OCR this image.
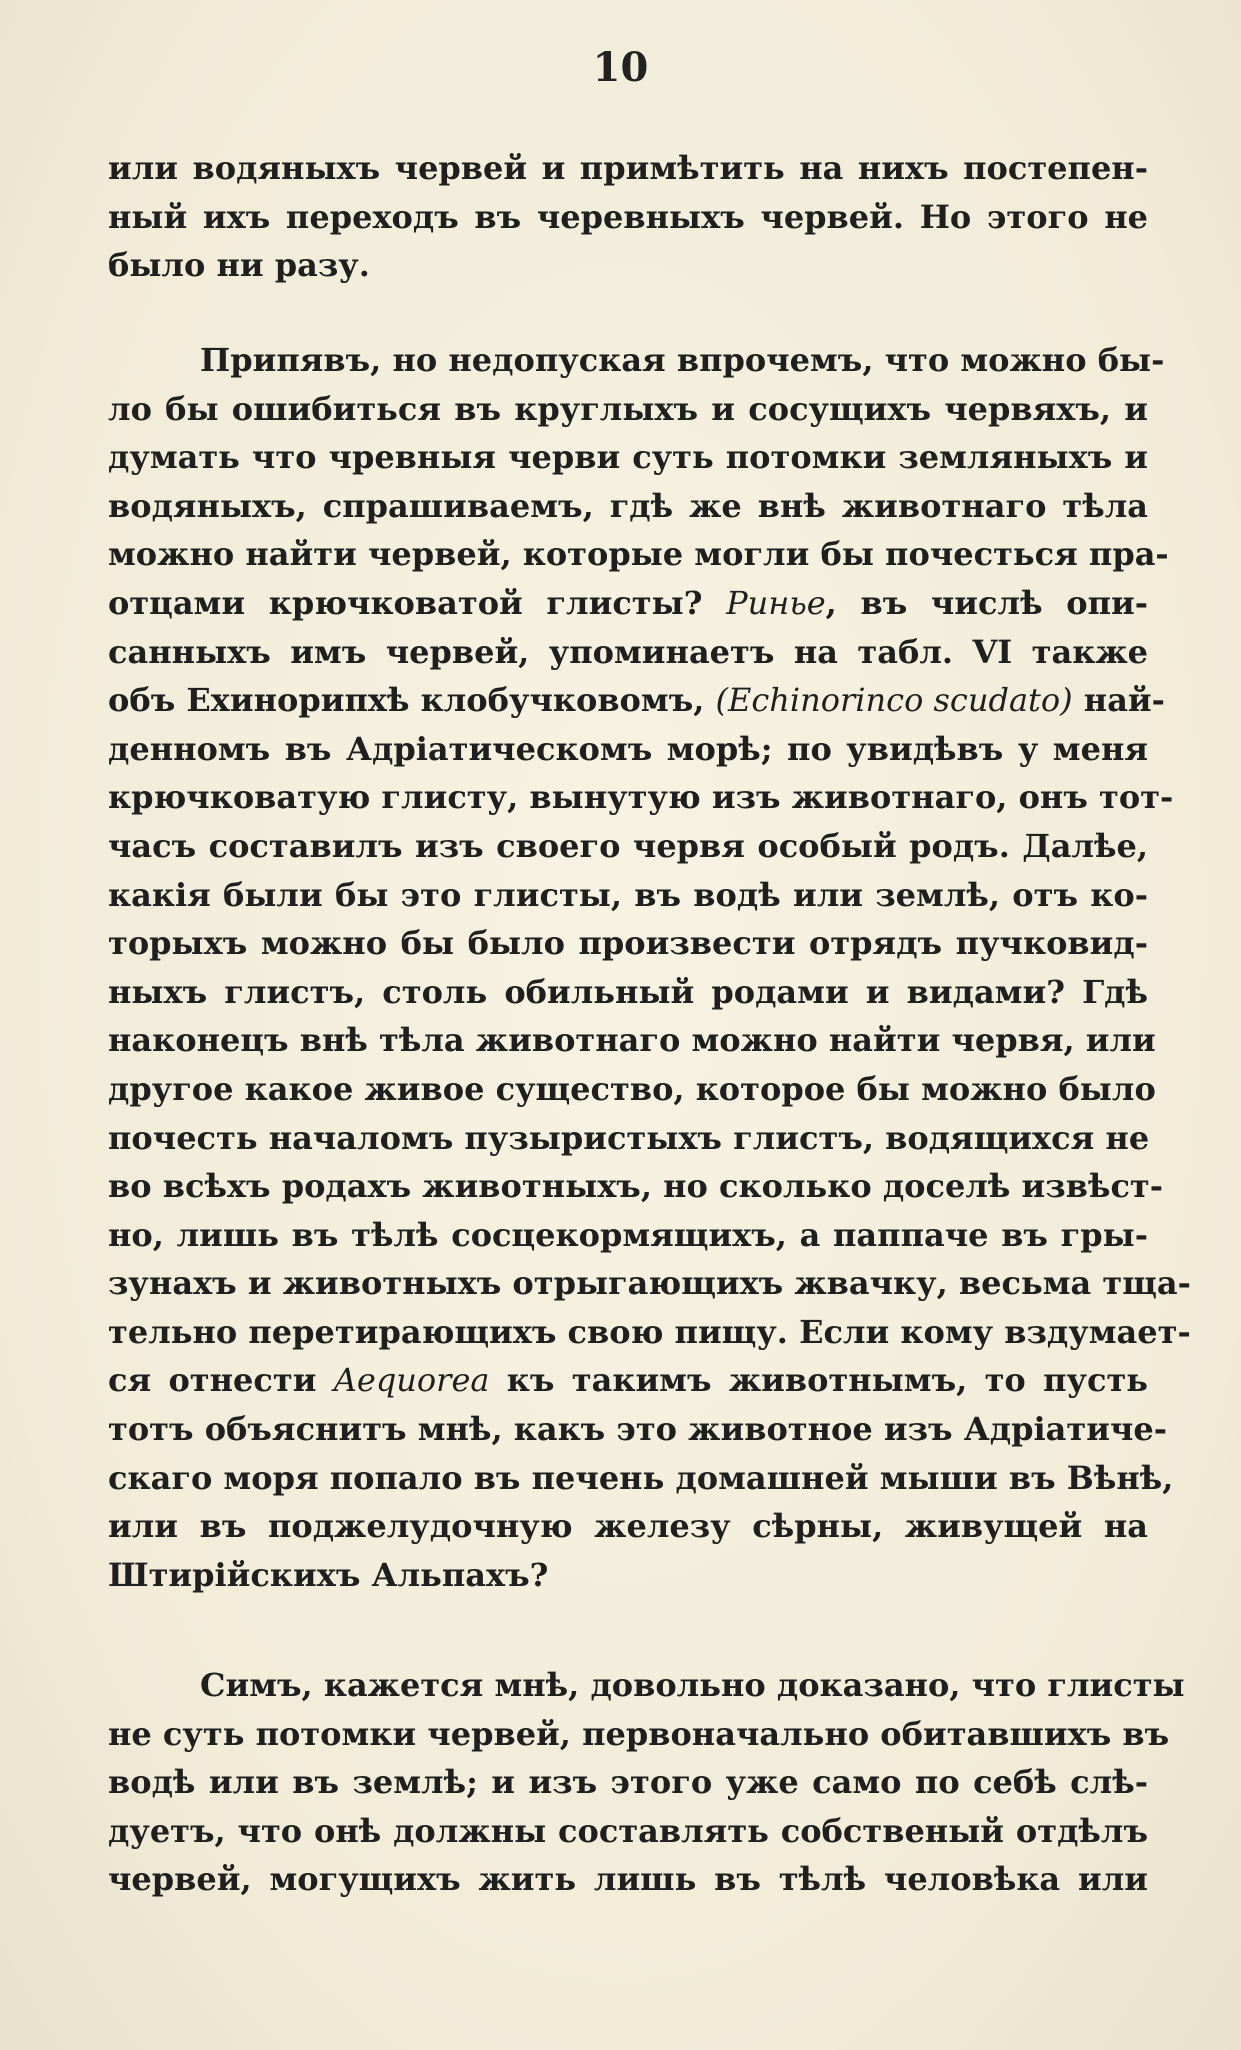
10
или водяныхъ червей и примѣтить на нихъ постепен-
ный ихъ переходъ въ черевныхъ червей. Но этого не
было ни разу.
Припявъ, но недопуская впрочемъ, что можно бы-
ло бы ошибиться въ круглыхъ и сосущихъ червяхъ, и
думать что чревныя черви суть потомки земляныхъ и
водяныхъ, спрашиваемъ, гдѣ же внѣ животнаго тѣла
можно найти червей, которые могли бы почесться пра-
отцами крючковатой глисты? Ринье, въ числѣ опи-
санныхъ имъ червей, упоминаетъ на табл. VI также
объ Ехинорипхѣ клобучковомъ, (Echinorinco scudato) най-
денномъ въ Адріатическомъ морѣ; по увидѣвъ у меня
крючковатую глисту, вынутую изъ животнаго, онъ тот-
часъ составилъ изъ своего червя особый родъ. Далѣе,
какія были бы это глисты, въ водѣ или землѣ, отъ ко-
торыхъ можно бы было произвести отрядъ пучковид-
ныхъ глистъ, столь обильный родами и видами? Гдѣ
наконецъ внѣ тѣла животнаго можно найти червя, или
другое какое живое существо, которое бы можно было
почесть началомъ пузыристыхъ глистъ, водящихся не
во всѣхъ родахъ животныхъ, но сколько доселѣ извѣст-
но, лишь въ тѣлѣ сосцекормящихъ, а паппаче въ гры-
зунахъ и животныхъ отрыгающихъ жвачку, весьма тща-
тельно перетирающихъ свою пищу. Если кому вздумает-
ся отнести Aequorea къ такимъ животнымъ, то пусть
тотъ объяснитъ мнѣ, какъ это животное изъ Адріатиче-
скаго моря попало въ печень домашней мыши въ Вѣнѣ,
или въ поджелудочную железу сѣрны, живущей на
Штирійскихъ Альпахъ?
Симъ, кажется мнѣ, довольно доказано, что глисты
не суть потомки червей, первоначально обитавшихъ въ
водѣ или въ землѣ; и изъ этого уже само по себѣ слѣ-
дуетъ, что онѣ должны составлять собственый отдѣлъ
червей, могущихъ жить лишь въ тѣлѣ человѣка или
